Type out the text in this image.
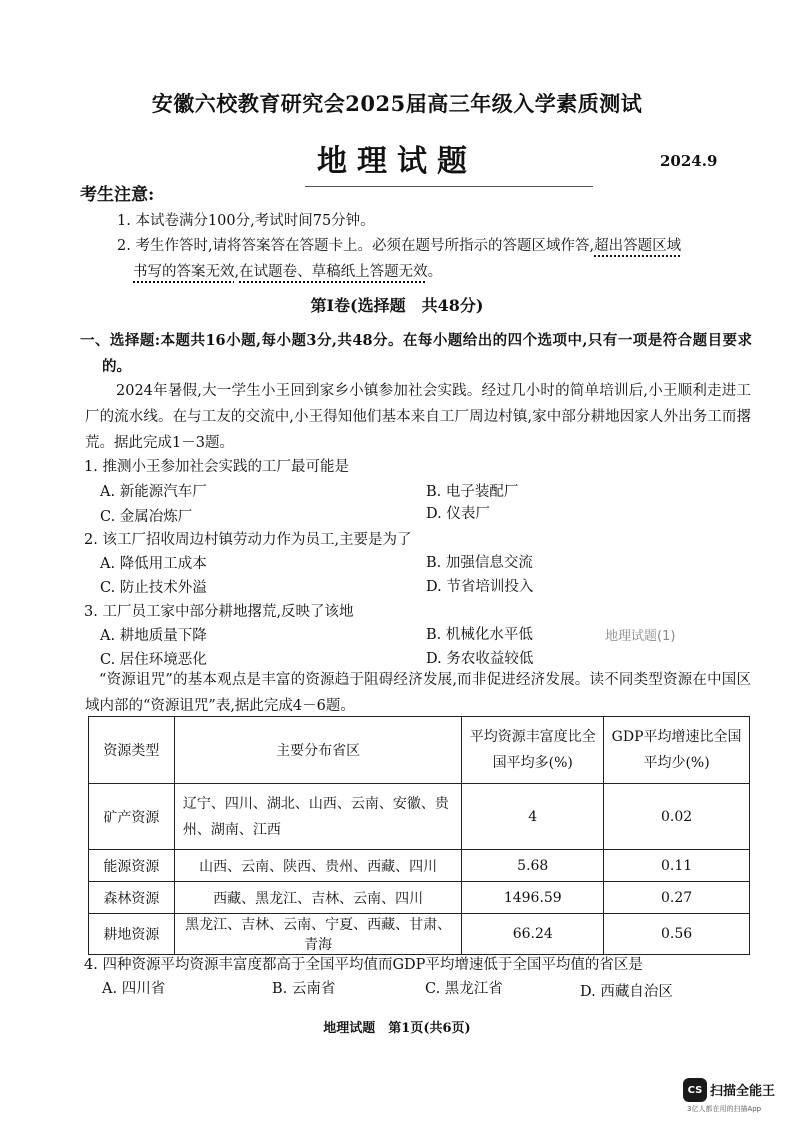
安徽六校教育研究会2025届高三年级入学素质测试
地理试题	2024.9
考生注意:
1. 本试卷满分100分,考试时间75分钟。
2. 考生作答时,请将答案答在答题卡上。必须在题号所指示的答题区域作答,超出答题区域
书写的答案无效,在试题卷、草稿纸上答题无效。
第Ⅰ卷(选择题　共48分)
一、选择题:本题共16小题,每小题3分,共48分。在每小题给出的四个选项中,只有一项是符合题目要求的。
2024年暑假,大一学生小王回到家乡小镇参加社会实践。经过几小时的简单培训后,小王顺利走进工厂的流水线。在与工友的交流中,小王得知他们基本来自工厂周边村镇,家中部分耕地因家人外出务工而撂荒。据此完成1－3题。
1. 推测小王参加社会实践的工厂最可能是
A. 新能源汽车厂	B. 电子装配厂
C. 金属冶炼厂	D. 仪表厂
2. 该工厂招收周边村镇劳动力作为员工,主要是为了
A. 降低用工成本	B. 加强信息交流
C. 防止技术外溢	D. 节省培训投入
3. 工厂员工家中部分耕地撂荒,反映了该地
A. 耕地质量下降	B. 机械化水平低
C. 居住环境恶化	D. 务农收益较低
地理试题(1)
“资源诅咒”的基本观点是丰富的资源趋于阻碍经济发展,而非促进经济发展。读不同类型资源在中国区域内部的“资源诅咒”表,据此完成4－6题。
资源类型	主要分布省区	平均资源丰富度比全国平均多(%)	GDP平均增速比全国平均少(%)
矿产资源	辽宁、四川、湖北、山西、云南、安徽、贵州、湖南、江西	4	0.02
能源资源	山西、云南、陕西、贵州、西藏、四川	5.68	0.11
森林资源	西藏、黑龙江、吉林、云南、四川	1496.59	0.27
耕地资源	黑龙江、吉林、云南、宁夏、西藏、甘肃、青海	66.24	0.56
4. 四种资源平均资源丰富度都高于全国平均值而GDP平均增速低于全国平均值的省区是
A. 四川省	B. 云南省	C. 黑龙江省	D. 西藏自治区
地理试题　第1页(共6页)
CS 扫描全能王
3亿人都在用的扫描App
